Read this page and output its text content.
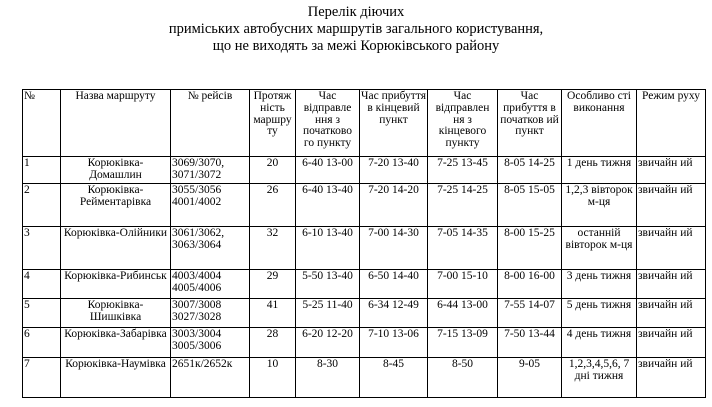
Перелік діючих
приміських автобусних маршрутів загального користування,
що не виходять за межі Корюківського району
№	Назва маршруту	№ рейсів	Протяж ність маршру ту	Час відправле ння з початково го пункту	Час прибуття в кінцевий пункт	Час відправлен ня з кінцевого пункту	Час прибуття в початков ий пункт	Особливо сті виконання	Режим руху
1	Корюківка-Домашлин	3069/3070, 3071/3072	20	6-40 13-00	7-20 13-40	7-25 13-45	8-05 14-25	1 день тижня	звичайн ий
2	Корюківка-Рейментарівка	3055/3056 4001/4002	26	6-40 13-40	7-20 14-20	7-25 14-25	8-05 15-05	1,2,3 вівторок м-ця	звичайн ий
3	Корюківка-Олійники	3061/3062, 3063/3064	32	6-10 13-40	7-00 14-30	7-05 14-35	8-00 15-25	останній вівторок м-ця	звичайн ий
4	Корюківка-Рибинськ	4003/4004 4005/4006	29	5-50 13-40	6-50 14-40	7-00 15-10	8-00 16-00	3 день тижня	звичайн ий
5	Корюківка-Шишківка	3007/3008 3027/3028	41	5-25 11-40	6-34 12-49	6-44 13-00	7-55 14-07	5 день тижня	звичайн ий
6	Корюківка-Забарівка	3003/3004 3005/3006	28	6-20 12-20	7-10 13-06	7-15 13-09	7-50 13-44	4 день тижня	звичайн ий
7	Корюківка-Наумівка	2651к/2652к	10	8-30	8-45	8-50	9-05	1,2,3,4,5,6, 7 дні тижня	звичайн ий
